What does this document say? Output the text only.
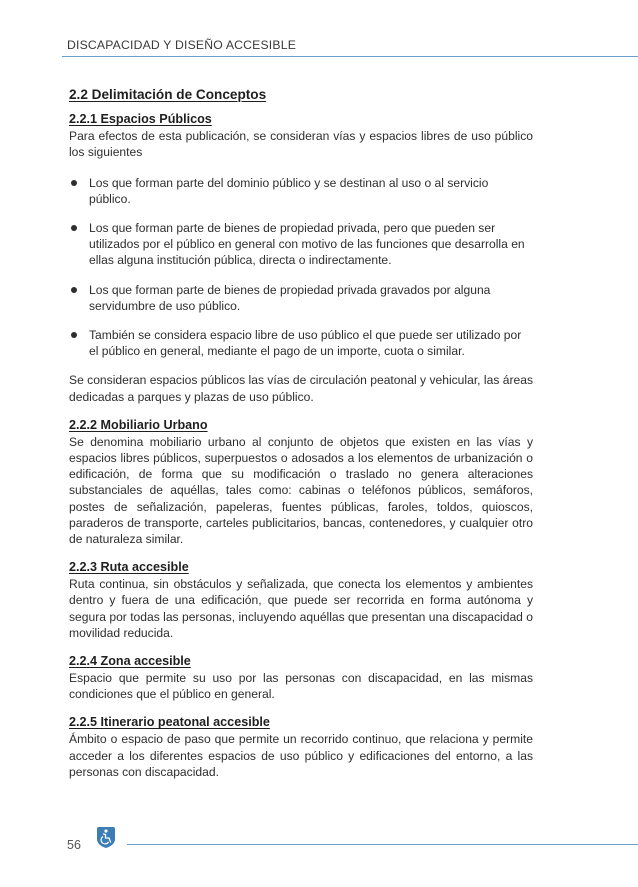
DISCAPACIDAD Y DISEÑO ACCESIBLE
2.2 Delimitación de Conceptos
2.2.1 Espacios Públicos

Para efectos de esta publicación, se consideran vías y espacios libres de uso público los siguientes

Los que forman parte del dominio público y se destinan al uso o al servicio público.
Los que forman parte de bienes de propiedad privada, pero que pueden ser utilizados por el público en general con motivo de las funciones que desarrolla en ellas alguna institución pública, directa o indirectamente.
Los que forman parte de bienes de propiedad privada gravados por alguna servidumbre de uso público.
También se considera espacio libre de uso público el que puede ser utilizado por el público en general, mediante el pago de un importe, cuota o similar.

Se consideran espacios públicos las vías de circulación peatonal y vehicular, las áreas dedicadas a parques y plazas de uso público.

2.2.2 Mobiliario Urbano

Se denomina mobiliario urbano al conjunto de objetos que existen en las vías y espacios libres públicos, superpuestos o adosados a los elementos de urbanización o edificación, de forma que su modificación o traslado no genera alteraciones substanciales de aquéllas, tales como: cabinas o teléfonos públicos, semáforos, postes de señalización, papeleras, fuentes públicas, faroles, toldos, quioscos, paraderos de transporte, carteles publicitarios, bancas, contenedores, y cualquier otro de naturaleza similar.

2.2.3 Ruta accesible

Ruta continua, sin obstáculos y señalizada, que conecta los elementos y ambientes dentro y fuera de una edificación, que puede ser recorrida en forma autónoma y segura por todas las personas, incluyendo aquéllas que presentan una discapacidad o movilidad reducida.

2.2.4 Zona accesible

Espacio que permite su uso por las personas con discapacidad, en las mismas condiciones que el público en general.

2.2.5 Itinerario peatonal accesible

Ámbito o espacio de paso que permite un recorrido continuo, que relaciona y permite acceder a los diferentes espacios de uso público y edificaciones del entorno, a las personas con discapacidad.

56
